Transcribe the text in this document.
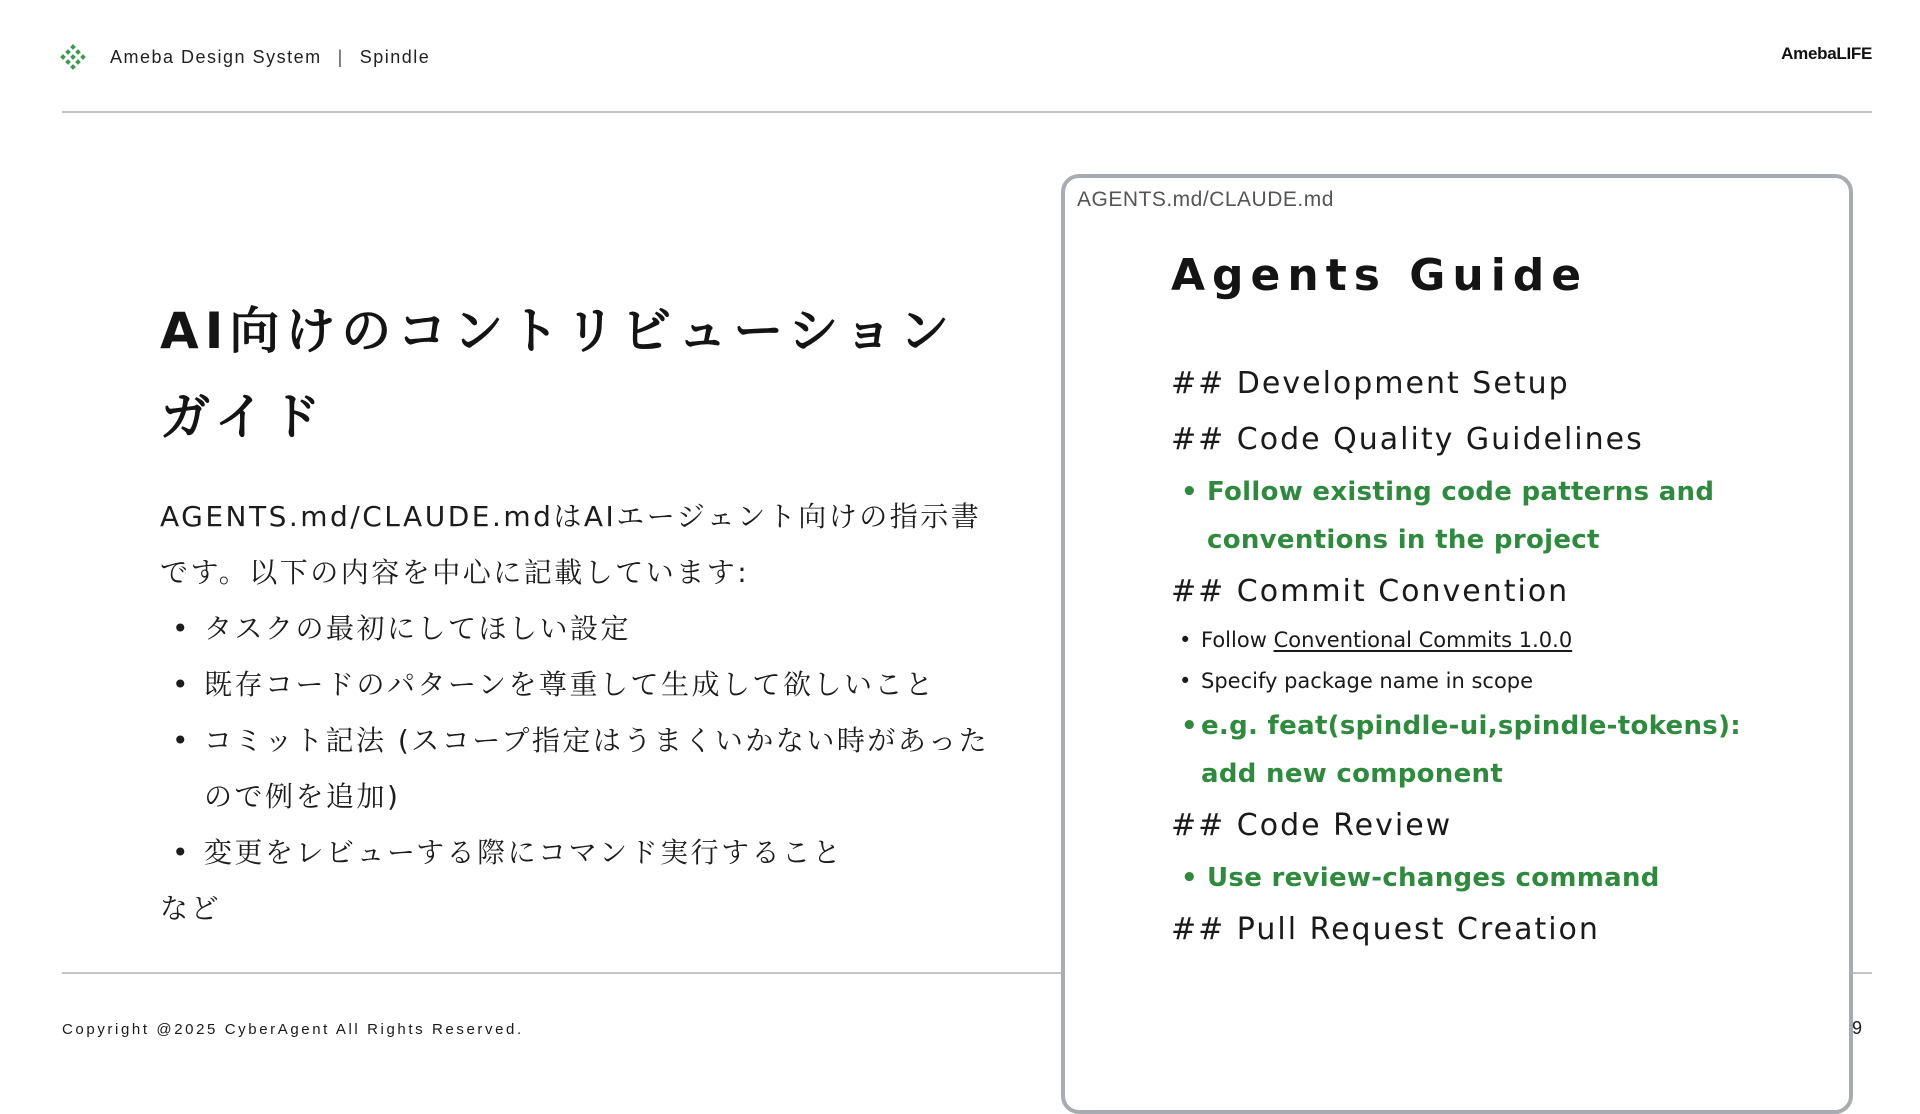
Ameba Design System | Spindle	AmebaLIFE
AI向けのコントリビューションガイド

AGENTS.md/CLAUDE.mdはAIエージェント向けの指示書です。以下の内容を中心に記載しています:

• タスクの最初にしてほしい設定
• 既存コードのパターンを尊重して生成して欲しいこと
• コミット記法 (スコープ指定はうまくいかない時があったので例を追加)
• 変更をレビューする際にコマンド実行すること

など

AGENTS.md/CLAUDE.md
Agents Guide
## Development Setup
## Code Quality Guidelines
• Follow existing code patterns and conventions in the project
## Commit Convention
• Follow Conventional Commits 1.0.0
• Specify package name in scope
• e.g. feat(spindle-ui,spindle-tokens): add new component
## Code Review
• Use review-changes command
## Pull Request Creation
Copyright @2025 CyberAgent All Rights Reserved.	9
